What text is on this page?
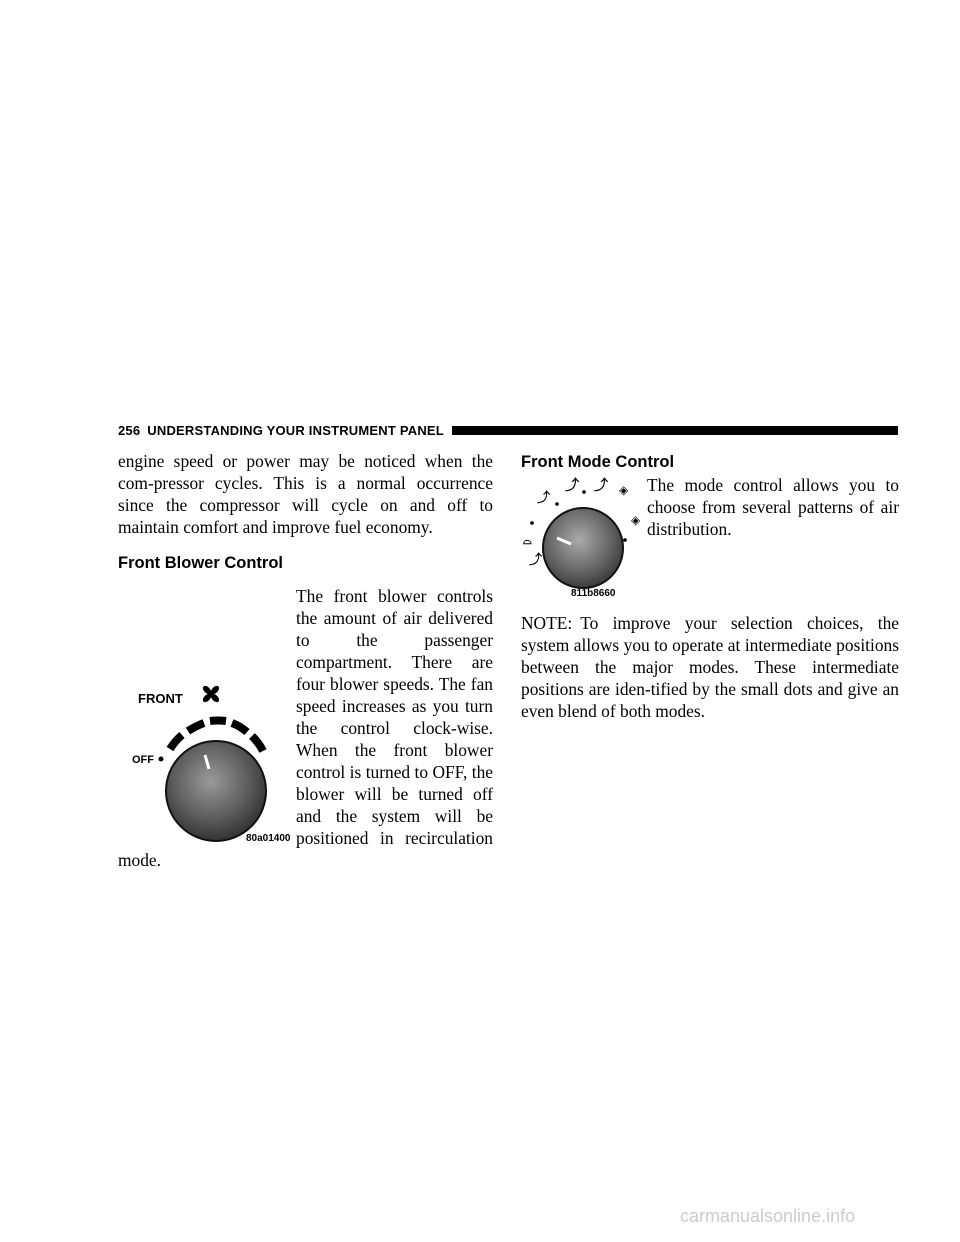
256 UNDERSTANDING YOUR INSTRUMENT PANEL

engine speed or power may be noticed when the com-pressor cycles. This is a normal occurrence since the compressor will cycle on and off to maintain comfort and improve fuel economy.

Front Blower Control
FRONT
OFF
80a01400

The front blower controls the amount of air delivered to the passenger compartment. There are four blower speeds. The fan speed increases as you turn the control clock-wise. When the front blower control is turned to OFF, the blower will be turned off and the system will be positioned in recirculation mode.

Front Mode Control
⤴
⤴ ⤴ ◈
◈
⌓
⤴
811b8660

The mode control allows you to choose from several patterns of air distribution.

NOTE: To improve your selection choices, the system allows you to operate at intermediate positions between the major modes. These intermediate positions are iden-tified by the small dots and give an even blend of both modes.

carmanualsonline.info
